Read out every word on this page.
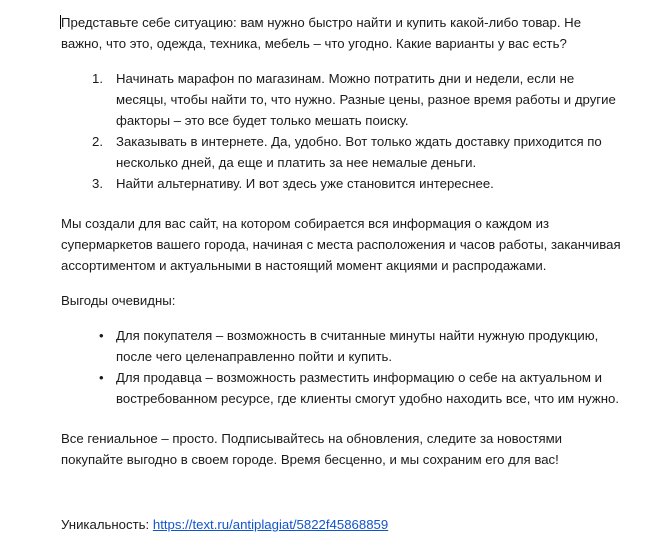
Представьте себе ситуацию: вам нужно быстро найти и купить какой-либо товар. Не важно, что это, одежда, техника, мебель – что угодно. Какие варианты у вас есть?

Начинать марафон по магазинам. Можно потратить дни и недели, если не месяцы, чтобы найти то, что нужно. Разные цены, разное время работы и другие факторы – это все будет только мешать поиску.
Заказывать в интернете. Да, удобно. Вот только ждать доставку приходится по несколько дней, да еще и платить за нее немалые деньги.
Найти альтернативу. И вот здесь уже становится интереснее.

Мы создали для вас сайт, на котором собирается вся информация о каждом из супермаркетов вашего города, начиная с места расположения и часов работы, заканчивая ассортиментом и актуальными в настоящий момент акциями и распродажами.

Выгоды очевидны:

• Для покупателя – возможность в считанные минуты найти нужную продукцию, после чего целенаправленно пойти и купить.
• Для продавца – возможность разместить информацию о себе на актуальном и востребованном ресурсе, где клиенты смогут удобно находить все, что им нужно.

Все гениальное – просто. Подписывайтесь на обновления, следите за новостями покупайте выгодно в своем городе. Время бесценно, и мы сохраним его для вас!

Уникальность: https://text.ru/antiplagiat/5822f45868859
